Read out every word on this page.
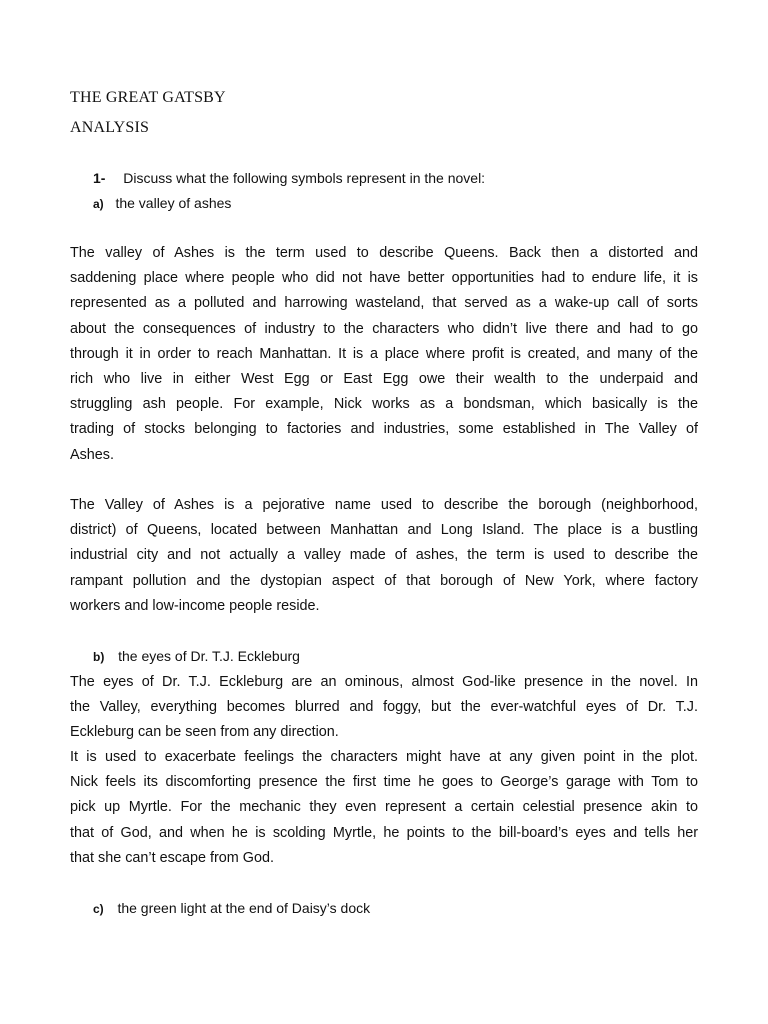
THE GREAT GATSBY
ANALYSIS
1- Discuss what the following symbols represent in the novel:
a) the valley of ashes
The valley of Ashes is the term used to describe Queens. Back then a distorted and
saddening place where people who did not have better opportunities had to endure life, it is
represented as a polluted and harrowing wasteland, that served as a wake-up call of sorts
about the consequences of industry to the characters who didn’t live there and had to go
through it in order to reach Manhattan. It is a place where profit is created, and many of the
rich who live in either West Egg or East Egg owe their wealth to the underpaid and
struggling ash people. For example, Nick works as a bondsman, which basically is the
trading of stocks belonging to factories and industries, some established in The Valley of
Ashes.
The Valley of Ashes is a pejorative name used to describe the borough (neighborhood,
district) of Queens, located between Manhattan and Long Island. The place is a bustling
industrial city and not actually a valley made of ashes, the term is used to describe the
rampant pollution and the dystopian aspect of that borough of New York, where factory
workers and low-income people reside.
b) the eyes of Dr. T.J. Eckleburg
The eyes of Dr. T.J. Eckleburg are an ominous, almost God-like presence in the novel. In
the Valley, everything becomes blurred and foggy, but the ever-watchful eyes of Dr. T.J.
Eckleburg can be seen from any direction.
It is used to exacerbate feelings the characters might have at any given point in the plot.
Nick feels its discomforting presence the first time he goes to George’s garage with Tom to
pick up Myrtle. For the mechanic they even represent a certain celestial presence akin to
that of God, and when he is scolding Myrtle, he points to the bill-board’s eyes and tells her
that she can’t escape from God.
c) the green light at the end of Daisy’s dock
